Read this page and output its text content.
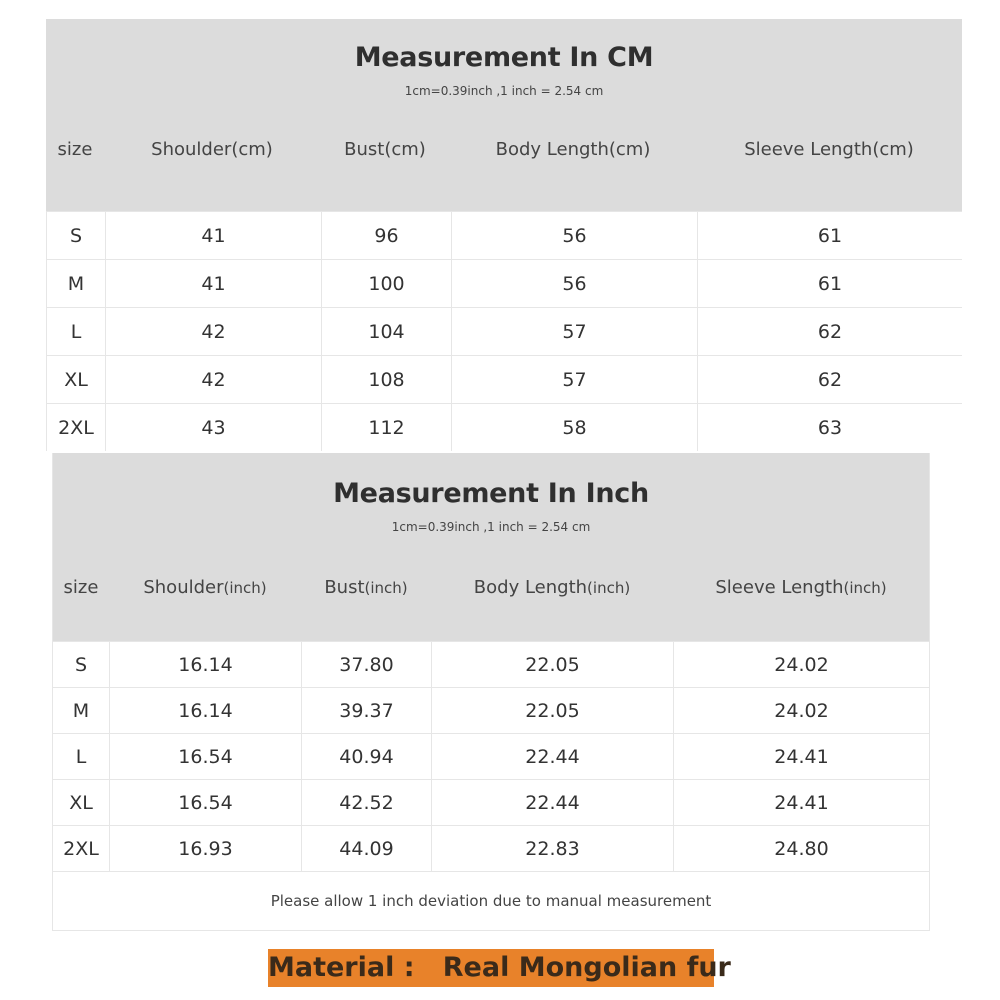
Measurement In CM
1cm=0.39inch ,1 inch = 2.54 cm
size	Shoulder(cm)	Bust(cm)	Body Length(cm)	Sleeve Length(cm)
S	41	96	56	61
M	41	100	56	61
L	42	104	57	62
XL	42	108	57	62
2XL	43	112	58	63
Measurement In Inch
1cm=0.39inch ,1 inch = 2.54 cm
size	Shoulder(inch)	Bust(inch)	Body Length(inch)	Sleeve Length(inch)
S	16.14	37.80	22.05	24.02
M	16.14	39.37	22.05	24.02
L	16.54	40.94	22.44	24.41
XL	16.54	42.52	22.44	24.41
2XL	16.93	44.09	22.83	24.80
Please allow 1 inch deviation due to manual measurement
Material :   Real Mongolian fur
